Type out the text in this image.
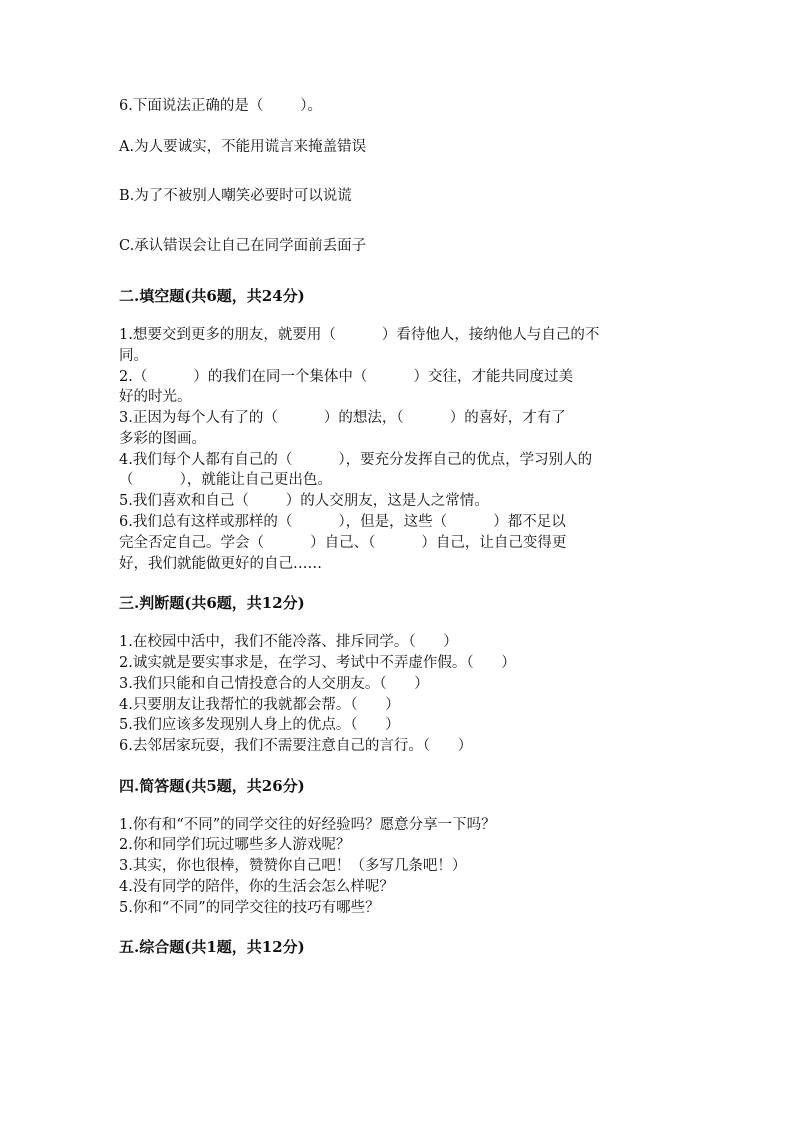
6.下面说法正确的是（        ）。
A.为人要诚实，不能用谎言来掩盖错误
B.为了不被别人嘲笑必要时可以说谎
C.承认错误会让自己在同学面前丢面子
二.填空题(共6题，共24分)
1.想要交到更多的朋友，就要用（          ）看待他人，接纳他人与自己的不
同。
2.（          ）的我们在同一个集体中（          ）交往，才能共同度过美
好的时光。
3.正因为每个人有了的（          ）的想法，（          ）的喜好，才有了
多彩的图画。
4.我们每个人都有自己的（          ），要充分发挥自己的优点，学习别人的
（          ），就能让自己更出色。
5.我们喜欢和自己（        ）的人交朋友，这是人之常情。
6.我们总有这样或那样的（          ），但是，这些（          ）都不足以
完全否定自己。学会（          ）自己、（          ）自己，让自己变得更
好，我们就能做更好的自己……
三.判断题(共6题，共12分)
1.在校园中活中，我们不能冷落、排斥同学。（      ）
2.诚实就是要实事求是，在学习、考试中不弄虚作假。（      ）
3.我们只能和自己情投意合的人交朋友。（      ）
4.只要朋友让我帮忙的我就都会帮。（      ）
5.我们应该多发现别人身上的优点。（      ）
6.去邻居家玩耍，我们不需要注意自己的言行。（      ）
四.简答题(共5题，共26分)
1.你有和“不同”的同学交往的好经验吗？愿意分享一下吗？
2.你和同学们玩过哪些多人游戏呢？
3.其实，你也很棒，赞赞你自己吧！（多写几条吧！）
4.没有同学的陪伴，你的生活会怎么样呢？
5.你和“不同”的同学交往的技巧有哪些？
五.综合题(共1题，共12分)
